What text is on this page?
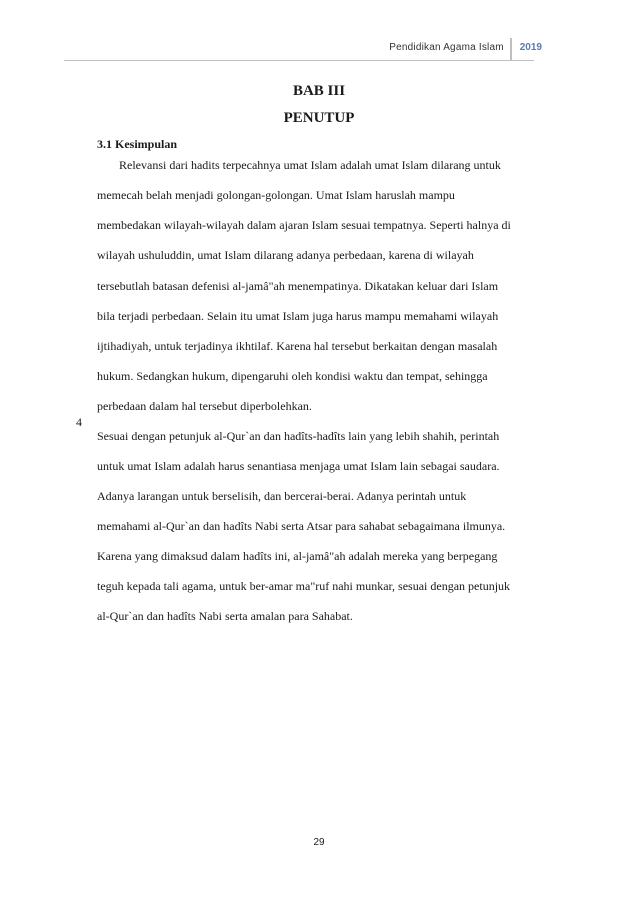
Pendidikan Agama Islam	2019
BAB III
PENUTUP
3.1 Kesimpulan
4
Relevansi dari hadits terpecahnya umat Islam adalah umat Islam dilarang untuk
memecah belah menjadi golongan-golongan. Umat Islam haruslah mampu
membedakan wilayah-wilayah dalam ajaran Islam sesuai tempatnya. Seperti halnya di
wilayah ushuluddin, umat Islam dilarang adanya perbedaan, karena di wilayah
tersebutlah batasan defenisi al-jamâ"ah menempatinya. Dikatakan keluar dari Islam
bila terjadi perbedaan. Selain itu umat Islam juga harus mampu memahami wilayah
ijtihadiyah, untuk terjadinya ikhtilaf. Karena hal tersebut berkaitan dengan masalah
hukum. Sedangkan hukum, dipengaruhi oleh kondisi waktu dan tempat, sehingga
perbedaan dalam hal tersebut diperbolehkan.
Sesuai dengan petunjuk al-Qur`an dan hadîts-hadîts lain yang lebih shahih, perintah
untuk umat Islam adalah harus senantiasa menjaga umat Islam lain sebagai saudara.
Adanya larangan untuk berselisih, dan bercerai-berai. Adanya perintah untuk
memahami al-Qur`an dan hadîts Nabi serta Atsar para sahabat sebagaimana ilmunya.
Karena yang dimaksud dalam hadîts ini, al-jamâ"ah adalah mereka yang berpegang
teguh kepada tali agama, untuk ber-amar ma"ruf nahi munkar, sesuai dengan petunjuk
al-Qur`an dan hadîts Nabi serta amalan para Sahabat.
29
